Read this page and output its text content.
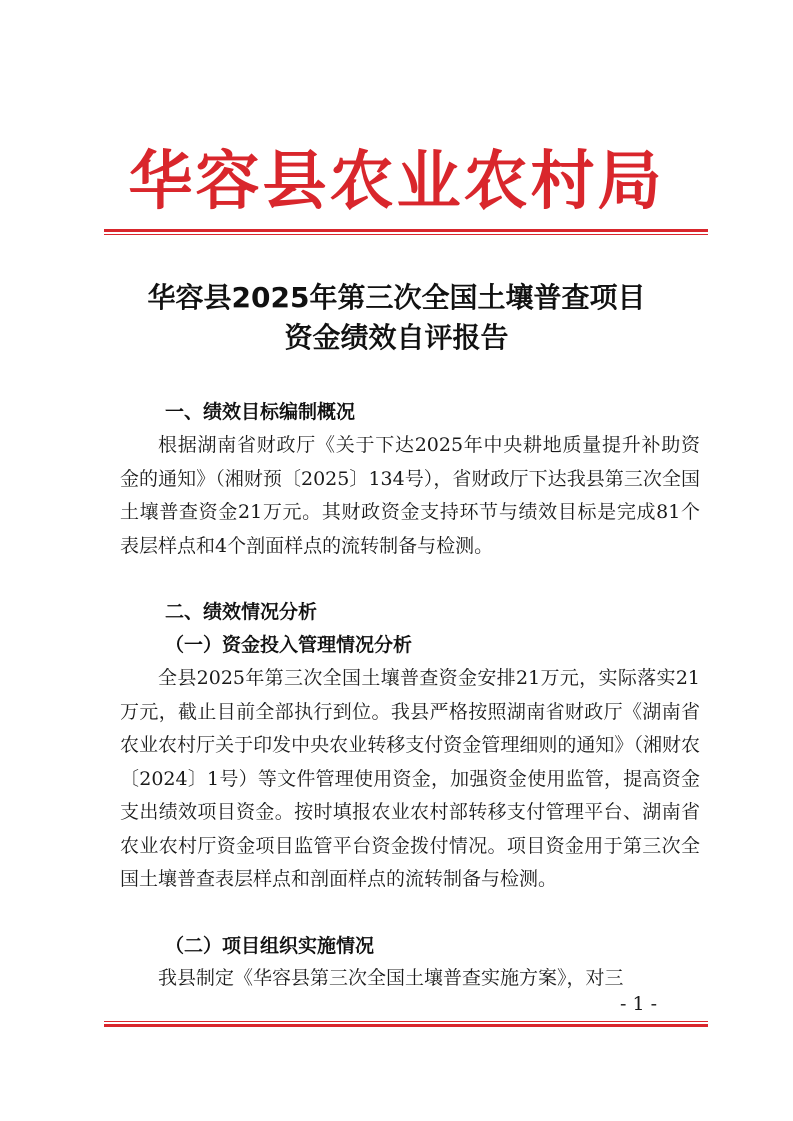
华容县农业农村局
华容县2025年第三次全国土壤普查项目
资金绩效自评报告
一、绩效目标编制概况

根据湖南省财政厅《关于下达2025年中央耕地质量提升补助资金的通知》（湘财预〔2025〕134号），省财政厅下达我县第三次全国土壤普查资金21万元。其财政资金支持环节与绩效目标是完成81个表层样点和4个剖面样点的流转制备与检测。

二、绩效情况分析
（一）资金投入管理情况分析

全县2025年第三次全国土壤普查资金安排21万元，实际落实21万元，截止目前全部执行到位。我县严格按照湖南省财政厅《湖南省农业农村厅关于印发中央农业转移支付资金管理细则的通知》（湘财农〔2024〕1号）等文件管理使用资金，加强资金使用监管，提高资金支出绩效项目资金。按时填报农业农村部转移支付管理平台、湖南省农业农村厅资金项目监管平台资金拨付情况。项目资金用于第三次全国土壤普查表层样点和剖面样点的流转制备与检测。

（二）项目组织实施情况

我县制定《华容县第三次全国土壤普查实施方案》，对三

- 1 -
